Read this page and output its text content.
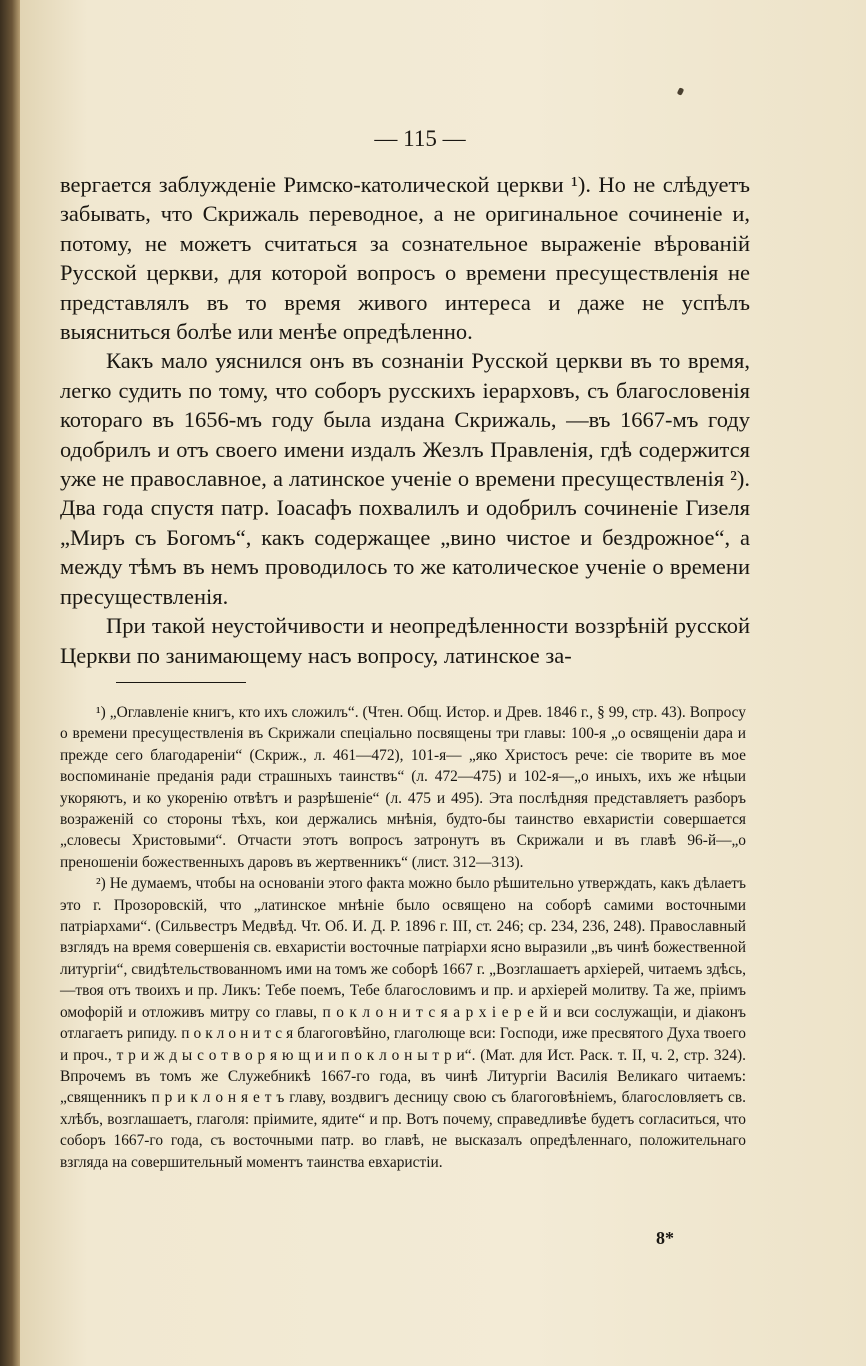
— 115 —

вергается заблужденіе Римско-католической церкви ¹). Но не слѣдуетъ забывать, что Скрижаль переводное, а не оригинальное сочиненіе и, потому, не можетъ считаться за сознательное выраженіе вѣрованій Русской церкви, для которой вопросъ о времени пресуществленія не представлялъ въ то время живого интереса и даже не успѣлъ выясниться болѣе или менѣе опредѣленно.

Какъ мало уяснился онъ въ сознаніи Русской церкви въ то время, легко судить по тому, что соборъ русскихъ іерарховъ, съ благословенія котораго въ 1656-мъ году была издана Скрижаль, —въ 1667-мъ году одобрилъ и отъ своего имени издалъ Жезлъ Правленія, гдѣ содержится уже не православное, а латинское ученіе о времени пресуществленія ²). Два года спустя патр. Іоасафъ похвалилъ и одобрилъ сочиненіе Гизеля „Миръ съ Богомъ“, какъ содержащее „вино чистое и бездрожное“, а между тѣмъ въ немъ проводилось то же католическое ученіе о времени пресуществленія.

При такой неустойчивости и неопредѣленности воззрѣній русской Церкви по занимающему насъ вопросу, латинское за-

¹) „Оглавленіе книгъ, кто ихъ сложилъ“. (Чтен. Общ. Истор. и Древ. 1846 г., § 99, стр. 43). Вопросу о времени пресуществленія въ Скрижали спеціально посвящены три главы: 100-я „о освященіи дара и прежде сего благодареніи“ (Скриж., л. 461—472), 101-я— „яко Христосъ рече: сіе творите въ мое воспоминаніе преданія ради страшныхъ таинствъ“ (л. 472—475) и 102-я—„о иныхъ, ихъ же нѣцыи укоряютъ, и ко укоренію отвѣтъ и разрѣшеніе“ (л. 475 и 495). Эта послѣдняя представляетъ разборъ возраженій со стороны тѣхъ, кои держались мнѣнія, будто-бы таинство евхаристіи совершается „словесы Христовыми“. Отчасти этотъ вопросъ затронутъ въ Скрижали и въ главѣ 96-й—„о преношеніи божественныхъ даровъ въ жертвенникъ“ (лист. 312—313).

²) Не думаемъ, чтобы на основаніи этого факта можно было рѣшительно утверждать, какъ дѣлаетъ это г. Прозоровскій, что „латинское мнѣніе было освящено на соборѣ самими восточными патріархами“. (Сильвестръ Медвѣд. Чт. Об. И. Д. Р. 1896 г. III, ст. 246; ср. 234, 236, 248). Православный взглядъ на время совершенія св. евхаристіи восточные патріархи ясно выразили „въ чинѣ божественной литургіи“, свидѣтельствованномъ ими на томъ же соборѣ 1667 г. „Возглашаетъ архіерей, читаемъ здѣсь,—твоя отъ твоихъ и пр. Ликъ: Тебе поемъ, Тебе благословимъ и пр. и архіерей молитву. Та же, пріимъ омофорій и отложивъ митру со главы, п о к л о н и т с я а р х і е р е й и вси сослужащіи, и діаконъ отлагаетъ рипиду. п о к л о н и т с я благоговѣйно, глаголюще вси: Господи, иже пресвятого Духа твоего и проч., т р и ж д ы с о т в о р я ю щ и и п о к л о н ы т р и“. (Мат. для Ист. Раск. т. II, ч. 2, стр. 324). Впрочемъ въ томъ же Служебникѣ 1667-го года, въ чинѣ Литургіи Василія Великаго читаемъ: „священникъ п р и к л о н я е т ъ главу, воздвигъ десницу свою съ благоговѣніемъ, благословляетъ св. хлѣбъ, возглашаетъ, глаголя: пріимите, ядите“ и пр. Вотъ почему, справедливѣе будетъ согласиться, что соборъ 1667-го года, съ восточными патр. во главѣ, не высказалъ опредѣленнаго, положительнаго взгляда на совершительный моментъ таинства евхаристіи.

8*
